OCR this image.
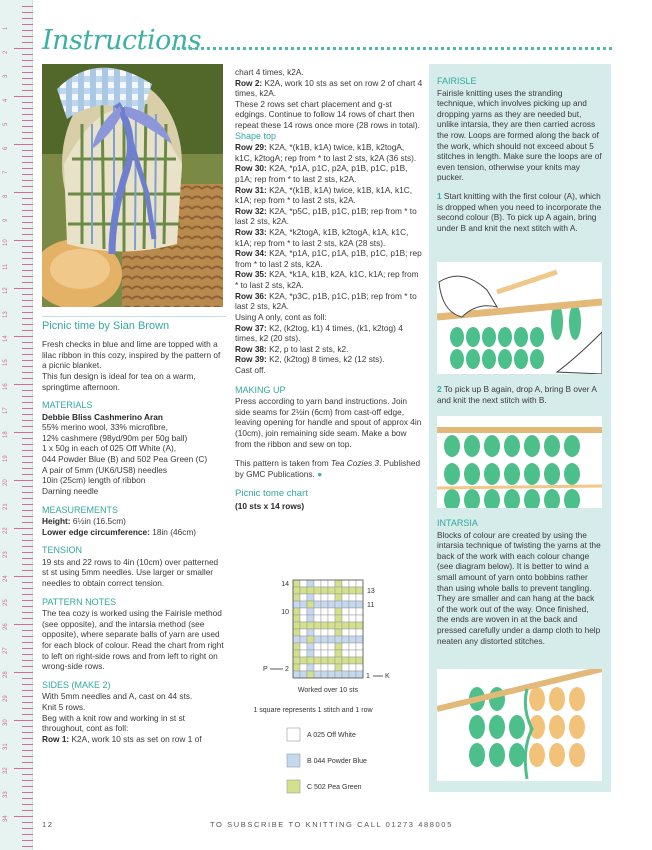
1
2
3
4
5
6
7
8
9
10
11
12
13
14
15
16
17
18
19
20
21
22
23
24
25
26
27
28
29
30
31
32
33
34
Instructions
Picnic time by Sian Brown

Fresh checks in blue and lime are topped with a lilac ribbon in this cozy, inspired by the pattern of a picnic blanket.

This fun design is ideal for tea on a warm, springtime afternoon.

MATERIALS

Debbie Bliss Cashmerino Aran

55% merino wool, 33% microfibre,

12% cashmere (98yd/90m per 50g ball)

1 x 50g in each of 025 Off White (A),

044 Powder Blue (B) and 502 Pea Green (C)

A pair of 5mm (UK6/US8) needles

10in (25cm) length of ribbon

Darning needle

MEASUREMENTS

Height: 6½in (16.5cm)

Lower edge circumference: 18in (46cm)

TENSION

19 sts and 22 rows to 4in (10cm) over patterned st st using 5mm needles. Use larger or smaller needles to obtain correct tension.

PATTERN NOTES

The tea cozy is worked using the Fairisle method (see opposite), and the intarsia method (see opposite), where separate balls of yarn are used for each block of colour. Read the chart from right to left on right-side rows and from left to right on wrong-side rows.

SIDES (MAKE 2)

With 5mm needles and A, cast on 44 sts.

Knit 5 rows.

Beg with a knit row and working in st st throughout, cont as foll:

Row 1: K2A, work 10 sts as set on row 1 of

chart 4 times, k2A.

Row 2: K2A, work 10 sts as set on row 2 of chart 4 times, k2A.

These 2 rows set chart placement and g-st edgings. Continue to follow 14 rows of chart then repeat these 14 rows once more (28 rows in total).

Shape top

Row 29: K2A, *(k1B, k1A) twice, k1B, k2togA, k1C, k2togA; rep from * to last 2 sts, k2A (36 sts).

Row 30: K2A, *p1A, p1C, p2A, p1B, p1C, p1B, p1A; rep from * to last 2 sts, k2A.

Row 31: K2A, *(k1B, k1A) twice, k1B, k1A, k1C, k1A; rep from * to last 2 sts, k2A.

Row 32: K2A, *p5C, p1B, p1C, p1B; rep from * to last 2 sts, k2A.

Row 33: K2A, *k2togA, k1B, k2togA, k1A, k1C, k1A; rep from * to last 2 sts, k2A (28 sts).

Row 34: K2A, *p1A, p1C, p1A, p1B, p1C, p1B; rep from * to last 2 sts, k2A.

Row 35: K2A, *k1A, k1B, k2A, k1C, k1A; rep from * to last 2 sts, k2A.

Row 36: K2A, *p3C, p1B, p1C, p1B; rep from * to last 2 sts, k2A.

Using A only, cont as foll:

Row 37: K2, (k2tog, k1) 4 times, (k1, k2tog) 4 times, k2 (20 sts).

Row 38: K2, p to last 2 sts, k2.

Row 39: K2, (k2tog) 8 times, k2 (12 sts).

Cast off.

MAKING UP

Press according to yarn band instructions. Join side seams for 2½in (6cm) from cast-off edge, leaving opening for handle and spout of approx 4in (10cm), join remaining side seam. Make a bow from the ribbon and sew on top.

This pattern is taken from Tea Cozies 3. Published by GMC Publications. ●

Picnic tome chart

(10 sts x 14 rows)

14
10
13
11
P 2
1 K
Worked over 10 sts
1 square represents 1 stitch and 1 row
A 025 Off White
B 044 Powder Blue
C 502 Pea Green
FAIRISLE

Fairisle knitting uses the stranding technique, which involves picking up and dropping yarns as they are needed but, unlike intarsia, they are then carried across the row. Loops are formed along the back of the work, which should not exceed about 5 stitches in length. Make sure the loops are of even tension, otherwise your knits may pucker.

1 Start knitting with the first colour (A), which is dropped when you need to incorporate the second colour (B). To pick up A again, bring under B and knit the next stitch with A.

2 To pick up B again, drop A, bring B over A and knit the next stitch with B.

INTARSIA

Blocks of colour are created by using the intarsia technique of twisting the yarns at the back of the work with each colour change (see diagram below). It is better to wind a small amount of yarn onto bobbins rather than using whole balls to prevent tangling. They are smaller and can hang at the back of the work out of the way. Once finished, the ends are woven in at the back and pressed carefully under a damp cloth to help neaten any distorted stitches.

12	TO SUBSCRIBE TO KNITTING CALL 01273 488005
